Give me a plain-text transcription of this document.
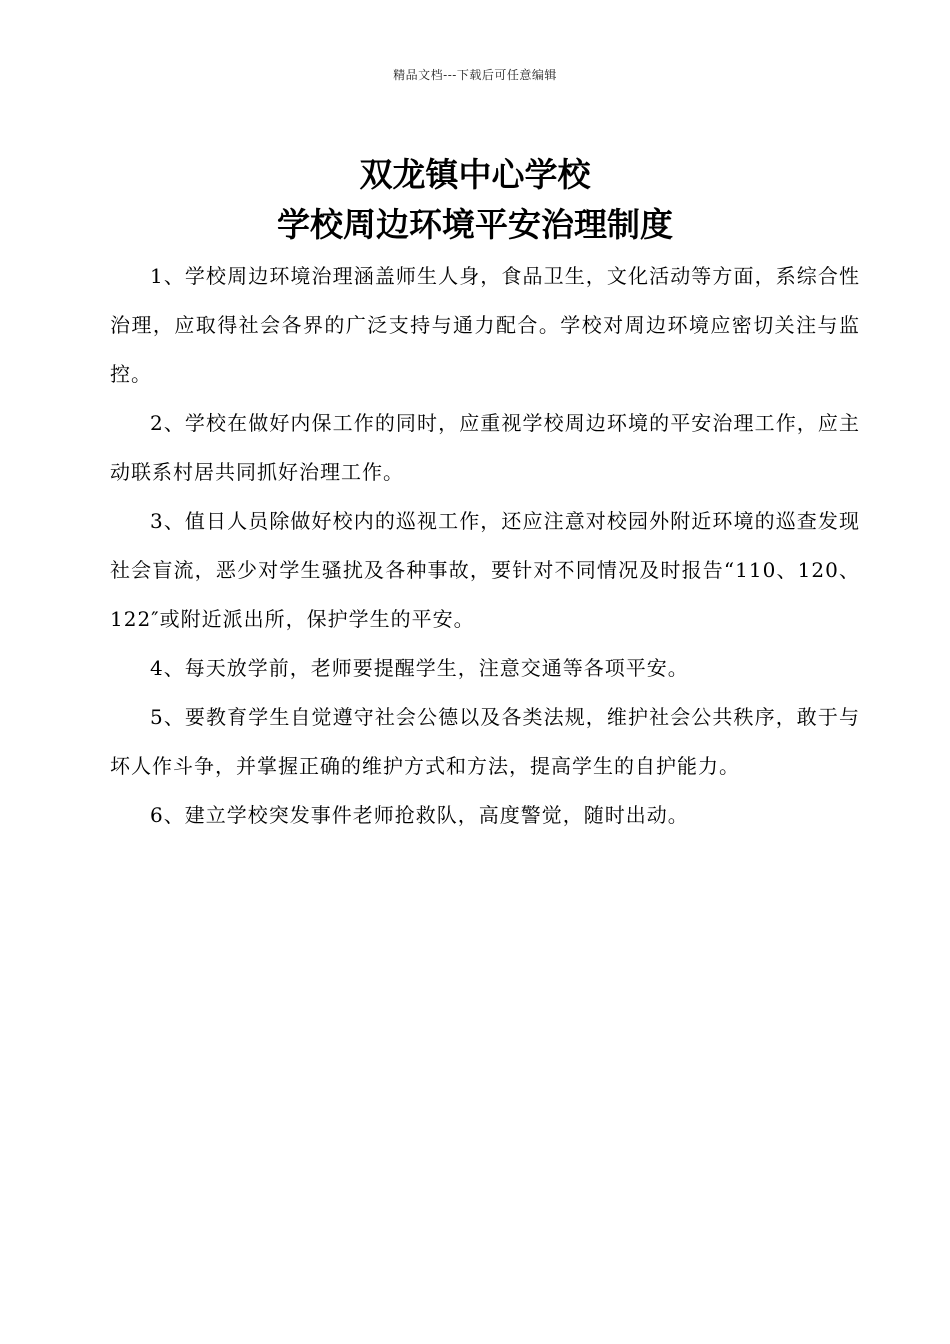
精品文档---下载后可任意编辑
双龙镇中心学校
学校周边环境平安治理制度

1、学校周边环境治理涵盖师生人身，食品卫生，文化活动等方面，系综合性治理，应取得社会各界的广泛支持与通力配合。学校对周边环境应密切关注与监控。

2、学校在做好内保工作的同时，应重视学校周边环境的平安治理工作，应主动联系村居共同抓好治理工作。

3、值日人员除做好校内的巡视工作，还应注意对校园外附近环境的巡查发现社会盲流，恶少对学生骚扰及各种事故，要针对不同情况及时报告“110、120、122″或附近派出所，保护学生的平安。

4、每天放学前，老师要提醒学生，注意交通等各项平安。

5、要教育学生自觉遵守社会公德以及各类法规，维护社会公共秩序，敢于与坏人作斗争，并掌握正确的维护方式和方法，提高学生的自护能力。

6、建立学校突发事件老师抢救队，高度警觉，随时出动。
